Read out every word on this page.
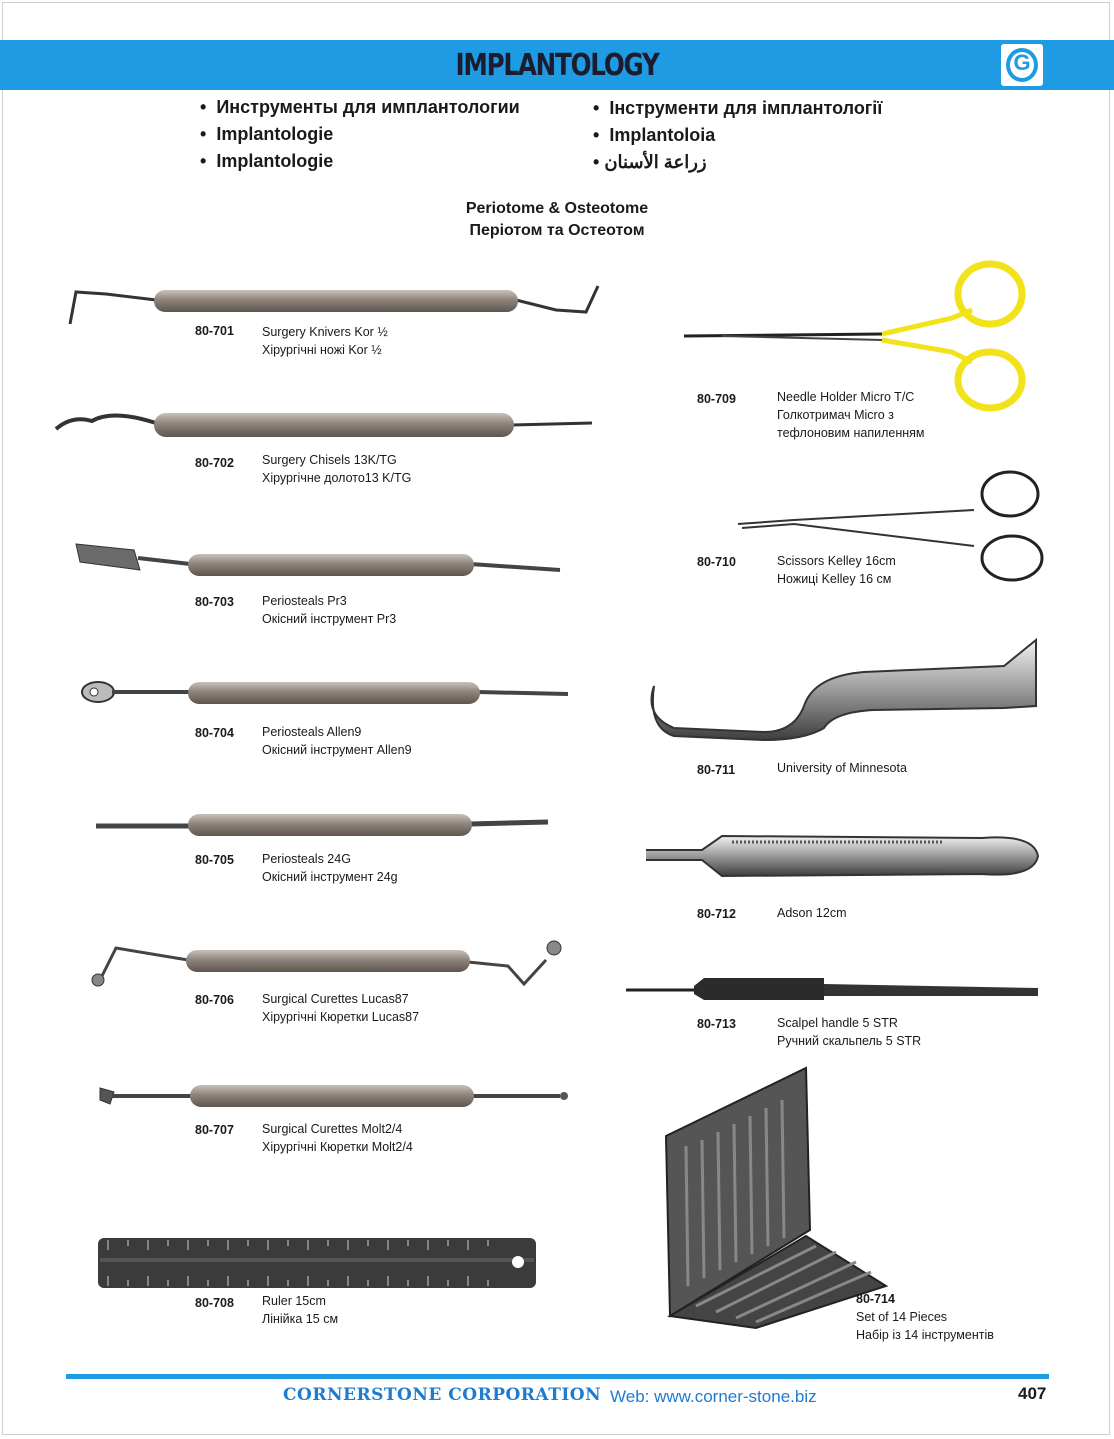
IMPLANTOLOGY	G
• Инструменты для имплантологии
• Implantologie
• Implantologie
• Інструменти для імплантології
• Implantoloia
• زراعة الأسنان
Periotome & Osteotome
Періотом та Остеотом
80-701 Surgery Knivers Kor ½
Хірургічні ножі Kor ½
80-702 Surgery Chisels 13K/TG
Хірургічне долото13 K/TG
80-703 Periosteals Pr3
Окісний інструмент Pr3
80-704 Periosteals Allen9
Окісний інструмент Allen9
80-705 Periosteals 24G
Окісний інструмент 24g
80-706 Surgical Curettes Lucas87
Хірургічні Кюретки Lucas87
80-707 Surgical Curettes Molt2/4
Хірургічні Кюретки Molt2/4
80-708 Ruler 15cm
Лінійка 15 см
80-709	Needle Holder Micro T/C
Голкотримач Micro з
тефлоновим напиленням
80-710	Scissors Kelley 16cm
Ножиці Kelley 16 см
80-711	University of Minnesota
80-712	Adson 12cm
80-713	Scalpel handle 5 STR
Ручний скальпель 5 STR
80-714
Set of 14 Pieces
Набір із 14 інструментів
CORNERSTONE CORPORATION Web: www.corner-stone.biz	407
